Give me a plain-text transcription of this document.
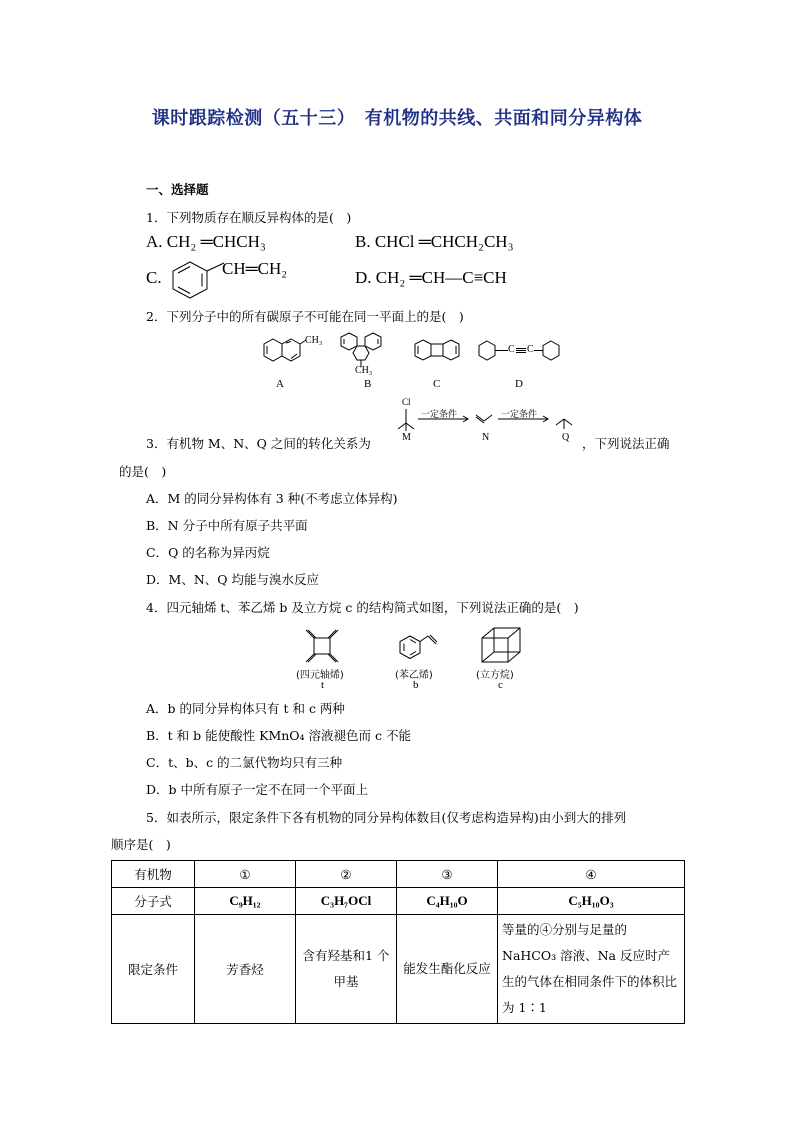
课时跟踪检测（五十三）　有机物的共线、共面和同分异构体
一、选择题
1．下列物质存在顺反异构体的是(　)
A. CH₂ ═CHCH₃	B. CHCl ═CHCH₂CH₃
C.	CH═CH₂	D. CH₂ ═CH—C≡CH
2．下列分子中的所有碳原子不可能在同一平面上的是(　)
CH₃
CH₃
C C
A	B	C	D
Cl
一定条件	一定条件
M	N	Q
3．有机物 M、N、Q 之间的转化关系为	，下列说法正确
的是(　)
A．M 的同分异构体有 3 种(不考虑立体异构)
B．N 分子中所有原子共平面
C．Q 的名称为异丙烷
D．M、N、Q 均能与溴水反应
4．四元轴烯 t、苯乙烯 b 及立方烷 c 的结构简式如图，下列说法正确的是(　)
(四元轴烯)	(苯乙烯)	(立方烷)
t	b	c
A．b 的同分异构体只有 t 和 c 两种
B．t 和 b 能使酸性 KMnO₄ 溶液褪色而 c 不能
C．t、b、c 的二氯代物均只有三种
D．b 中所有原子一定不在同一个平面上
5．如表所示，限定条件下各有机物的同分异构体数目(仅考虑构造异构)由小到大的排列
顺序是(　)
有机物	①	②	③	④
分子式	C₉H₁₂	C₃H₇OCl	C₄H₁₀O	C₅H₁₀O₃
限定条件	芳香烃	含有羟基和1 个甲基	能发生酯化反应	等量的④分别与足量的 NaHCO₃ 溶液、Na 反应时产生的气体在相同条件下的体积比为 1∶1
